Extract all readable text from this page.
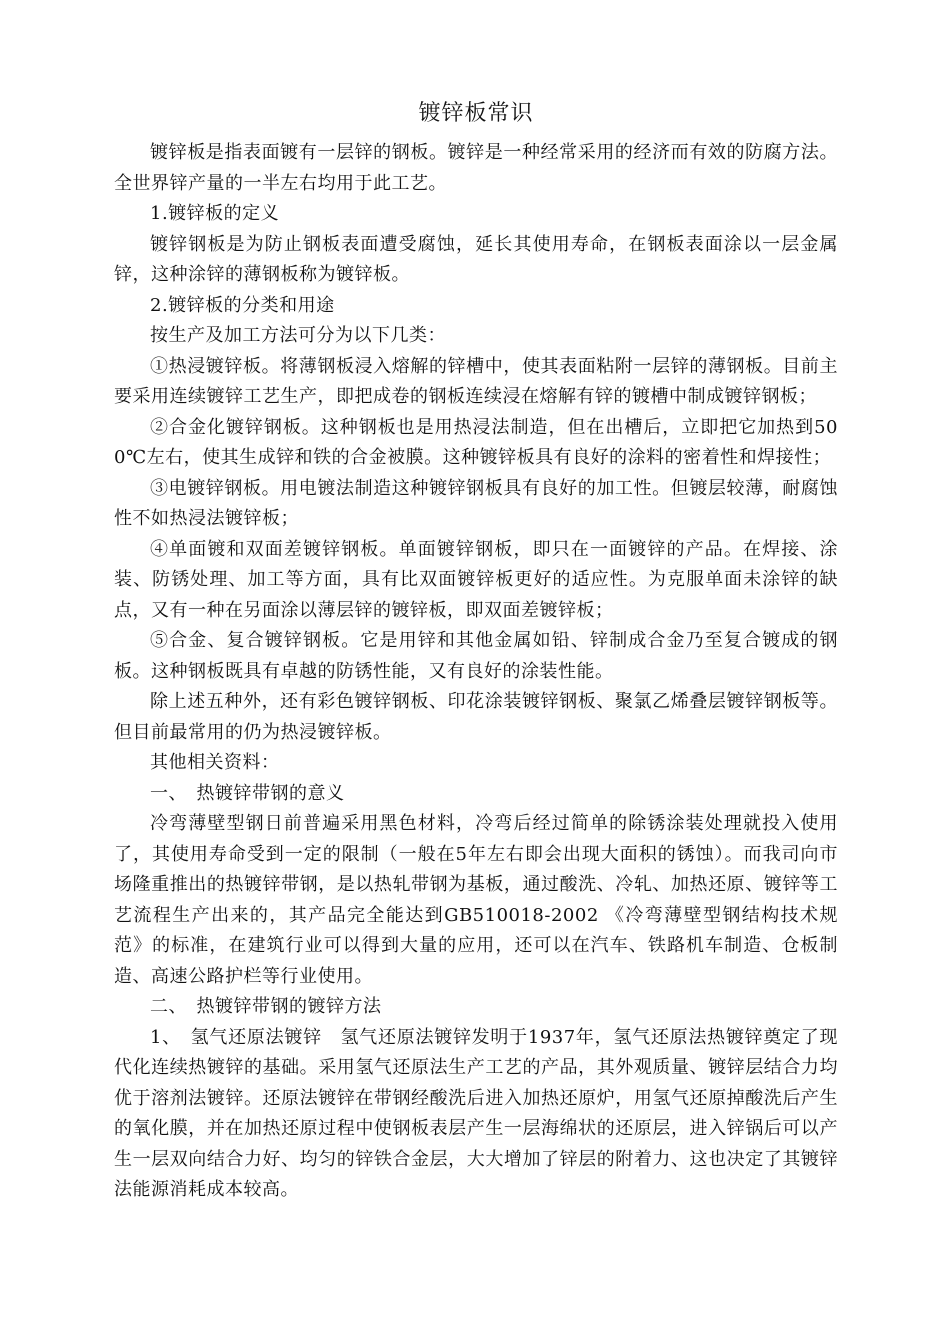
镀锌板常识

镀锌板是指表面镀有一层锌的钢板。镀锌是一种经常采用的经济而有效的防腐方法。全世界锌产量的一半左右均用于此工艺。

1.镀锌板的定义

镀锌钢板是为防止钢板表面遭受腐蚀，延长其使用寿命，在钢板表面涂以一层金属锌，这种涂锌的薄钢板称为镀锌板。

2.镀锌板的分类和用途

按生产及加工方法可分为以下几类：

①热浸镀锌板。将薄钢板浸入熔解的锌槽中，使其表面粘附一层锌的薄钢板。目前主要采用连续镀锌工艺生产，即把成卷的钢板连续浸在熔解有锌的镀槽中制成镀锌钢板；

②合金化镀锌钢板。这种钢板也是用热浸法制造，但在出槽后，立即把它加热到500℃左右，使其生成锌和铁的合金被膜。这种镀锌板具有良好的涂料的密着性和焊接性；

③电镀锌钢板。用电镀法制造这种镀锌钢板具有良好的加工性。但镀层较薄，耐腐蚀性不如热浸法镀锌板；

④单面镀和双面差镀锌钢板。单面镀锌钢板，即只在一面镀锌的产品。在焊接、涂装、防锈处理、加工等方面，具有比双面镀锌板更好的适应性。为克服单面未涂锌的缺点，又有一种在另面涂以薄层锌的镀锌板，即双面差镀锌板；

⑤合金、复合镀锌钢板。它是用锌和其他金属如铅、锌制成合金乃至复合镀成的钢板。这种钢板既具有卓越的防锈性能，又有良好的涂装性能。

除上述五种外，还有彩色镀锌钢板、印花涂装镀锌钢板、聚氯乙烯叠层镀锌钢板等。但目前最常用的仍为热浸镀锌板。

其他相关资料：

一、　热镀锌带钢的意义

冷弯薄壁型钢日前普遍采用黑色材料，冷弯后经过简单的除锈涂装处理就投入使用了，其使用寿命受到一定的限制（一般在5年左右即会出现大面积的锈蚀）。而我司向市场隆重推出的热镀锌带钢，是以热轧带钢为基板，通过酸洗、冷轧、加热还原、镀锌等工艺流程生产出来的，其产品完全能达到GB510018-2002 《冷弯薄壁型钢结构技术规范》的标准，在建筑行业可以得到大量的应用，还可以在汽车、铁路机车制造、仓板制造、高速公路护栏等行业使用。

二、　热镀锌带钢的镀锌方法

1、　氢气还原法镀锌　氢气还原法镀锌发明于1937年，氢气还原法热镀锌奠定了现代化连续热镀锌的基础。采用氢气还原法生产工艺的产品，其外观质量、镀锌层结合力均优于溶剂法镀锌。还原法镀锌在带钢经酸洗后进入加热还原炉，用氢气还原掉酸洗后产生的氧化膜，并在加热还原过程中使钢板表层产生一层海绵状的还原层，进入锌锅后可以产生一层双向结合力好、均匀的锌铁合金层，大大增加了锌层的附着力、这也决定了其镀锌法能源消耗成本较高。
